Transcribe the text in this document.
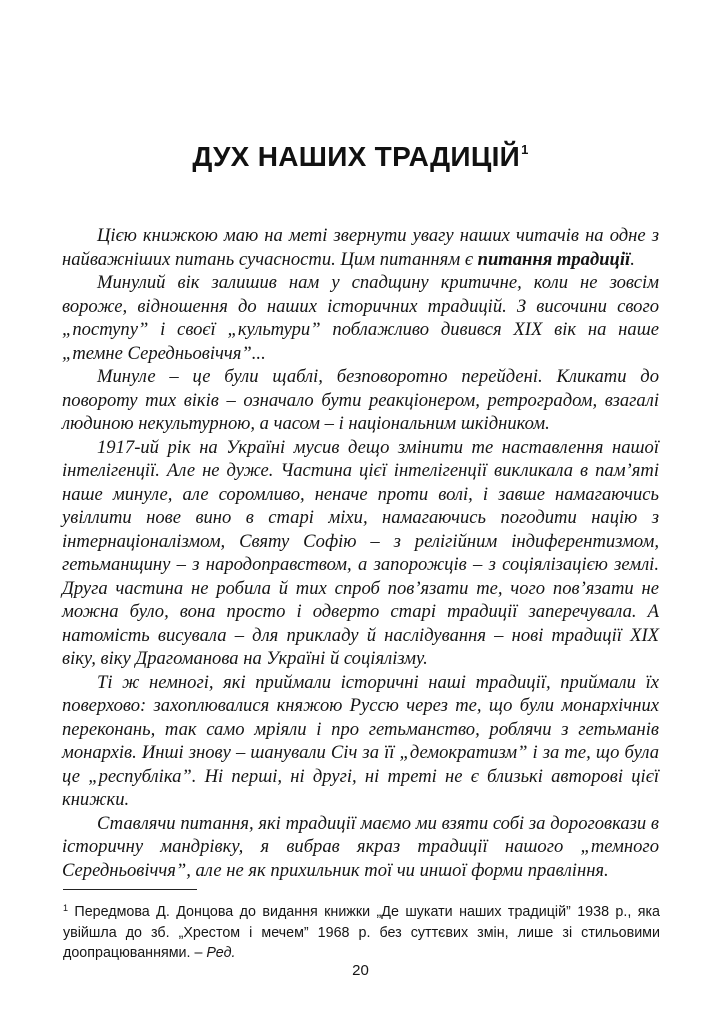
ДУХ НАШИХ ТРАДИЦІЙ$^1$

Цією книжкою маю на меті звернути увагу наших читачів на одне з найважніших питань сучасности. Цим питанням є питання традиції.

Минулий вік залишив нам у спадщину критичне, коли не зовсім вороже, відношення до наших історичних традицій. З височини свого „поступу” і своєї „культури” поблажливо дивився XIX вік на наше „темне Середньовіччя”...

Минуле – це були щаблі, безповоротно перейдені. Кликати до повороту тих віків – означало бути реакціонером, ретроградом, взагалі людиною некультурною, а часом – і національним шкідником.

1917-ий рік на Україні мусив дещо змінити те наставлення нашої інтелігенції. Але не дуже. Частина цієї інтелігенції викликала в пам’яті наше минуле, але соромливо, неначе проти волі, і завше намагаючись увіллити нове вино в старі міхи, намагаючись погодити націю з інтернаціоналізмом, Святу Софію – з релігійним індиферентизмом, гетьманщину – з народоправством, а запорожців – з соціялізацією землі. Друга частина не робила й тих спроб пов’язати те, чого пов’язати не можна було, вона просто і одверто старі традиції заперечувала. А натомість висувала – для прикладу й наслідування – нові традиції XIX віку, віку Драгоманова на Україні й соціялізму.

Ті ж немногі, які приймали історичні наші традиції, приймали їх поверхово: захоплювалися княжою Руссю через те, що були монархічних переконань, так само мріяли і про гетьманство, роблячи з гетьманів монархів. Инші знову – шанували Січ за її „демократизм” і за те, що була це „республіка”. Ні перші, ні другі, ні треті не є близькі авторові цієї книжки.

Ставлячи питання, які традиції маємо ми взяти собі за дороговкази в історичну мандрівку, я вибрав якраз традиції нашого „темного Середньовіччя”, але не як прихильник тої чи иншої форми правління.

$^1$ Передмова Д. Донцова до видання книжки „Де шукати наших традицій” 1938 р., яка увійшла до зб. „Хрестом і мечем” 1968 р. без суттєвих змін, лише зі стильовими доопрацюваннями. – Ред.
20
